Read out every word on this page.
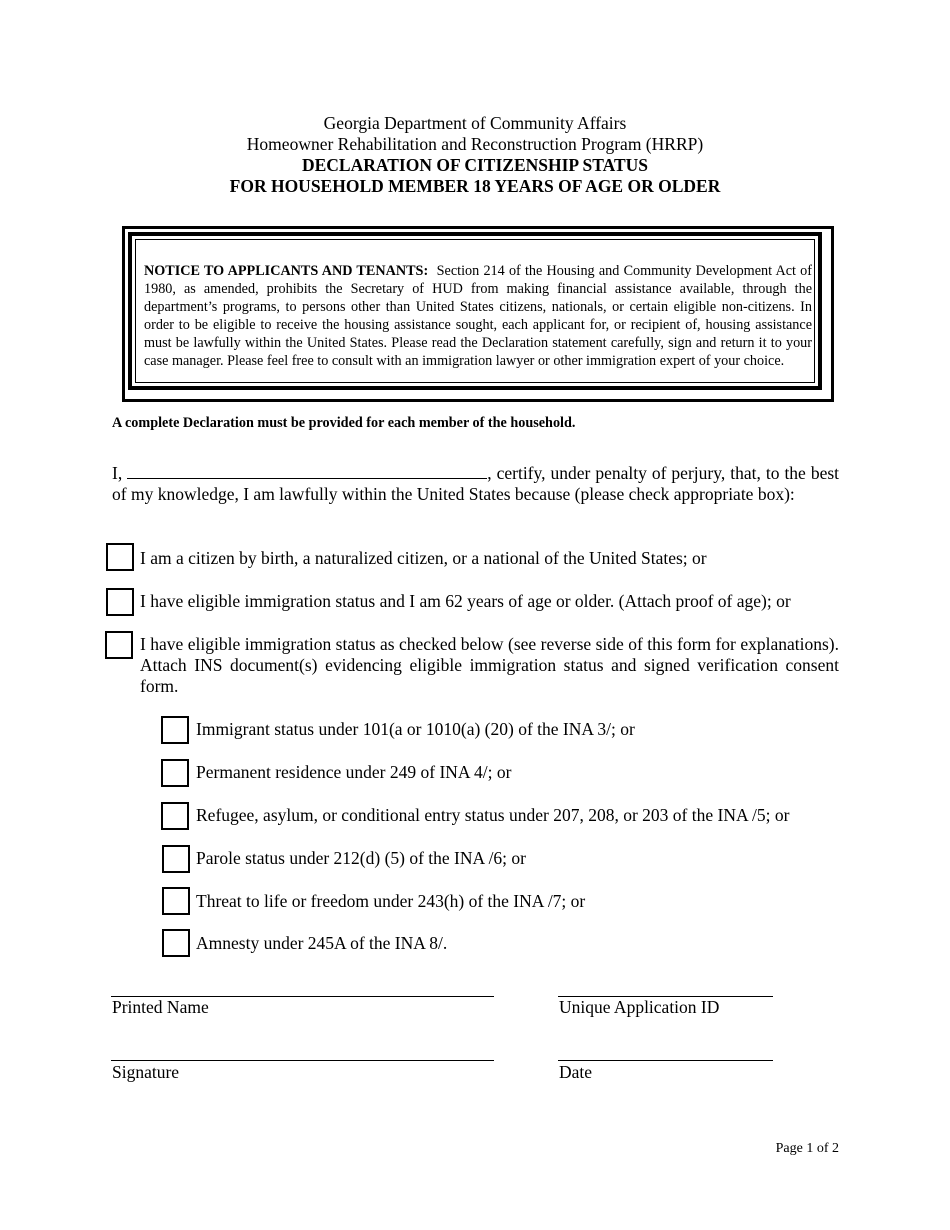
Georgia Department of Community Affairs
Homeowner Rehabilitation and Reconstruction Program (HRRP)
DECLARATION OF CITIZENSHIP STATUS
FOR HOUSEHOLD MEMBER 18 YEARS OF AGE OR OLDER
NOTICE TO APPLICANTS AND TENANTS: Section 214 of the Housing and Community Development Act of 1980, as amended, prohibits the Secretary of HUD from making financial assistance available, through the department’s programs, to persons other than United States citizens, nationals, or certain eligible non-citizens. In order to be eligible to receive the housing assistance sought, each applicant for, or recipient of, housing assistance must be lawfully within the United States. Please read the Declaration statement carefully, sign and return it to your case manager. Please feel free to consult with an immigration lawyer or other immigration expert of your choice.
A complete Declaration must be provided for each member of the household.
I,	, certify, under penalty of perjury, that, to the best of my knowledge, I am lawfully within the United States because (please check appropriate box):
I am a citizen by birth, a naturalized citizen, or a national of the United States; or
I have eligible immigration status and I am 62 years of age or older. (Attach proof of age); or
I have eligible immigration status as checked below (see reverse side of this form for explanations). Attach INS document(s) evidencing eligible immigration status and signed verification consent form.
Immigrant status under 101(a or 1010(a) (20) of the INA 3/; or
Permanent residence under 249 of INA 4/; or
Refugee, asylum, or conditional entry status under 207, 208, or 203 of the INA /5; or
Parole status under 212(d) (5) of the INA /6; or
Threat to life or freedom under 243(h) of the INA /7; or
Amnesty under 245A of the INA 8/.
Printed Name	Unique Application ID
Signature	Date
Page 1 of 2
